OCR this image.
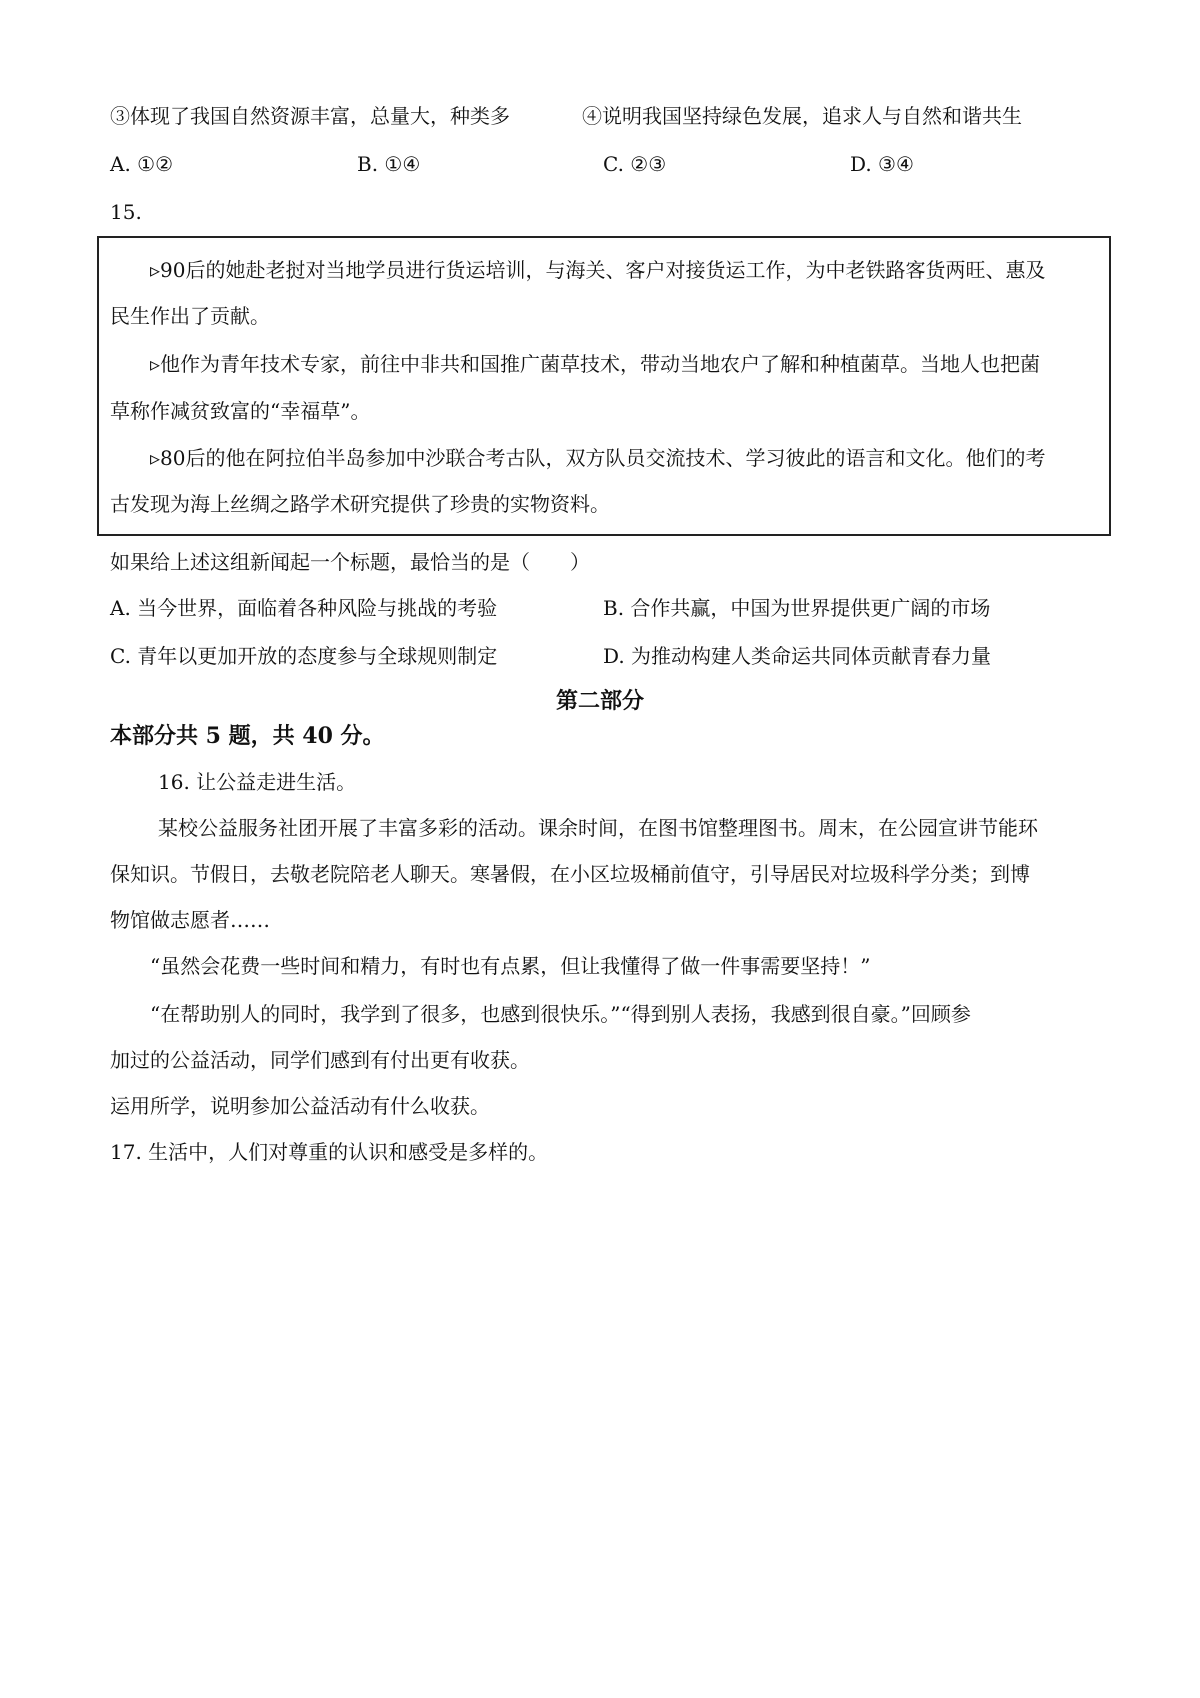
③体现了我国自然资源丰富，总量大，种类多	④说明我国坚持绿色发展，追求人与自然和谐共生
A. ①②	B. ①④	C. ②③	D. ③④
15.
▹90后的她赴老挝对当地学员进行货运培训，与海关、客户对接货运工作，为中老铁路客货两旺、惠及
民生作出了贡献。
▹他作为青年技术专家，前往中非共和国推广菌草技术，带动当地农户了解和种植菌草。当地人也把菌
草称作减贫致富的“幸福草”。
▹80后的他在阿拉伯半岛参加中沙联合考古队，双方队员交流技术、学习彼此的语言和文化。他们的考
古发现为海上丝绸之路学术研究提供了珍贵的实物资料。
如果给上述这组新闻起一个标题，最恰当的是（　　）
A. 当今世界，面临着各种风险与挑战的考验	B. 合作共赢，中国为世界提供更广阔的市场
C. 青年以更加开放的态度参与全球规则制定	D. 为推动构建人类命运共同体贡献青春力量
第二部分
本部分共 5 题，共 40 分。
16. 让公益走进生活。
某校公益服务社团开展了丰富多彩的活动。课余时间，在图书馆整理图书。周末，在公园宣讲节能环
保知识。节假日，去敬老院陪老人聊天。寒暑假，在小区垃圾桶前值守，引导居民对垃圾科学分类；到博
物馆做志愿者……
“虽然会花费一些时间和精力，有时也有点累，但让我懂得了做一件事需要坚持！”
“在帮助别人的同时，我学到了很多，也感到很快乐。”“得到别人表扬，我感到很自豪。”回顾参
加过的公益活动，同学们感到有付出更有收获。
运用所学，说明参加公益活动有什么收获。
17. 生活中，人们对尊重的认识和感受是多样的。
